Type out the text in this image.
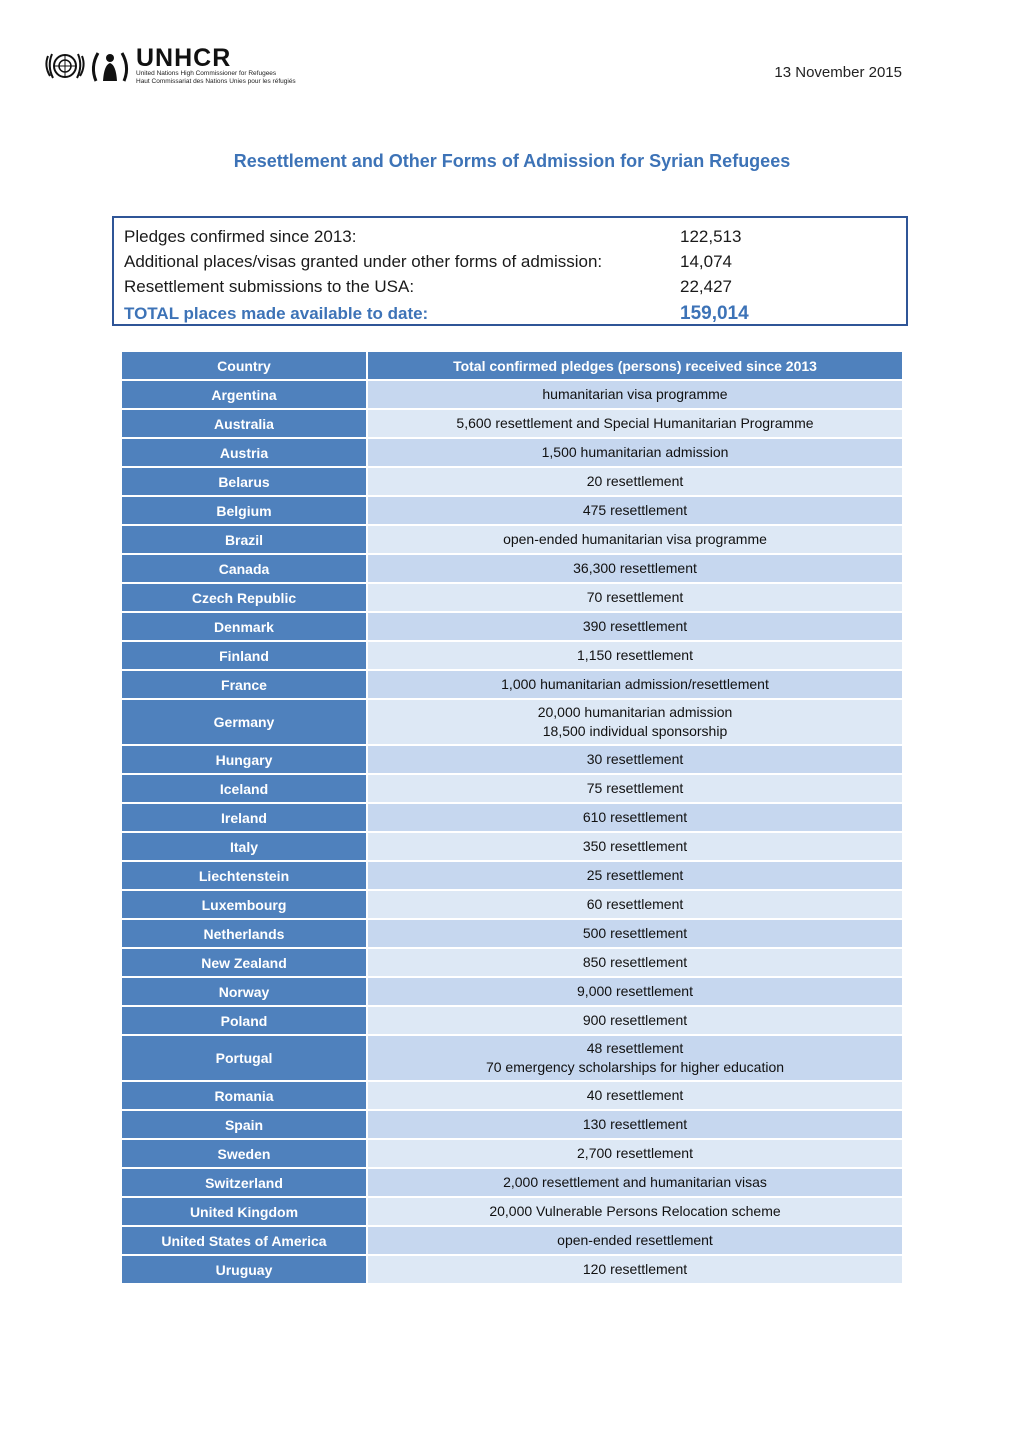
UNHCR
United Nations High Commissioner for Refugees
Haut Commissariat des Nations Unies pour les réfugiés
13 November 2015
Resettlement and Other Forms of Admission for Syrian Refugees
Pledges confirmed since 2013:	122,513
Additional places/visas granted under other forms of admission:	14,074
Resettlement submissions to the USA:	22,427
TOTAL places made available to date:	159,014
Country	Total confirmed pledges (persons) received since 2013
Argentina	humanitarian visa programme

Australia	5,600 resettlement and Special Humanitarian Programme

Austria	1,500 humanitarian admission

Belarus	20 resettlement

Belgium	475 resettlement

Brazil	open-ended humanitarian visa programme

Canada	36,300 resettlement

Czech Republic	70 resettlement

Denmark	390 resettlement

Finland	1,150 resettlement

France	1,000 humanitarian admission/resettlement

Germany	20,000 humanitarian admission
18,500 individual sponsorship

Hungary	30 resettlement

Iceland	75 resettlement

Ireland	610 resettlement

Italy	350 resettlement

Liechtenstein	25 resettlement

Luxembourg	60 resettlement

Netherlands	500 resettlement

New Zealand	850 resettlement

Norway	9,000 resettlement

Poland	900 resettlement

Portugal	48 resettlement
70 emergency scholarships for higher education

Romania	40 resettlement

Spain	130 resettlement

Sweden	2,700 resettlement

Switzerland	2,000 resettlement and humanitarian visas

United Kingdom	20,000 Vulnerable Persons Relocation scheme

United States of America	open-ended resettlement

Uruguay	120 resettlement
